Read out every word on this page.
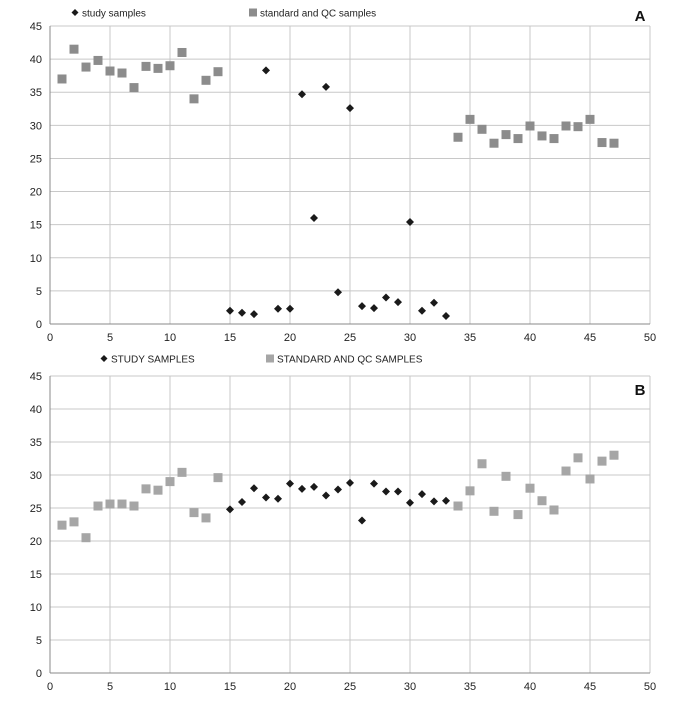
0	5	10	15	20	25	30	35	40	45	50
0
5
10
15
20
25
30
35
40
45
A
study samples	standard and QC samples
0	5	10	15	20	25	30	35	40	45	50
0
5
10
15
20
25
30
35
40
45
B
STUDY SAMPLES	STANDARD AND QC SAMPLES
